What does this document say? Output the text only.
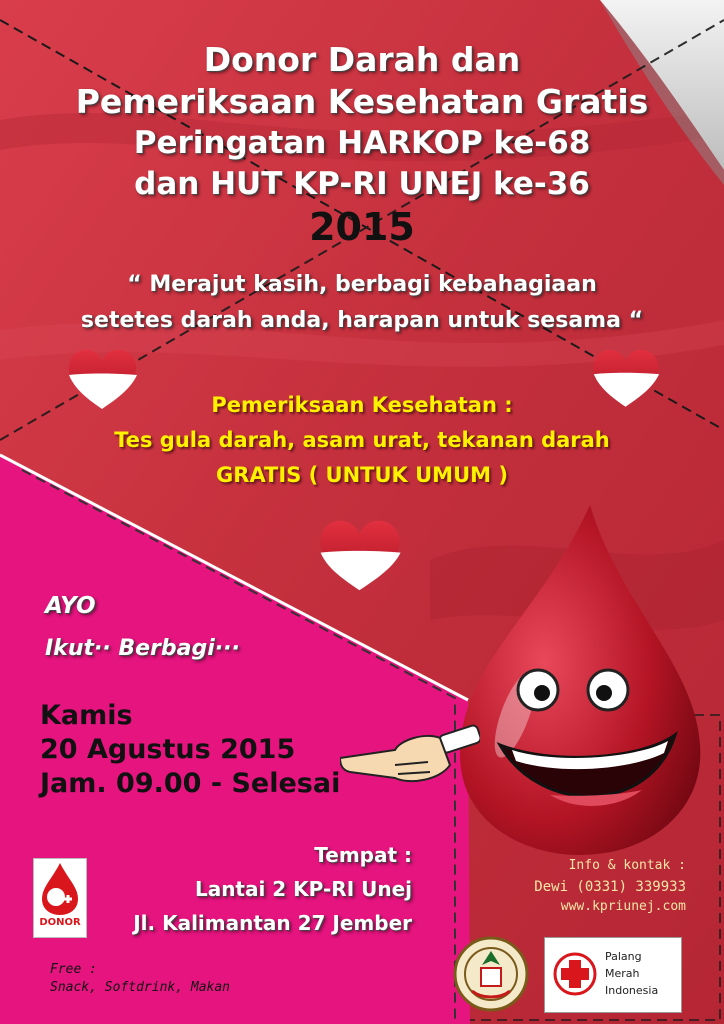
Donor Darah dan
Pemeriksaan Kesehatan Gratis
Peringatan HARKOP ke-68
dan HUT KP-RI UNEJ ke-36
2015
“ Merajut kasih, berbagi kebahagiaan
setetes darah anda, harapan untuk sesama “
Pemeriksaan Kesehatan :
Tes gula darah, asam urat, tekanan darah
GRATIS ( UNTUK UMUM )
AYO
Ikut·· Berbagi···
Kamis
20 Agustus 2015
Jam. 09.00 - Selesai
Tempat :
Lantai 2 KP-RI Unej
Jl. Kalimantan 27 Jember
DONOR
Free :
Snack, Softdrink, Makan
Info & kontak :
Dewi (0331) 339933
www.kpriunej.com
Palang
Merah
Indonesia
